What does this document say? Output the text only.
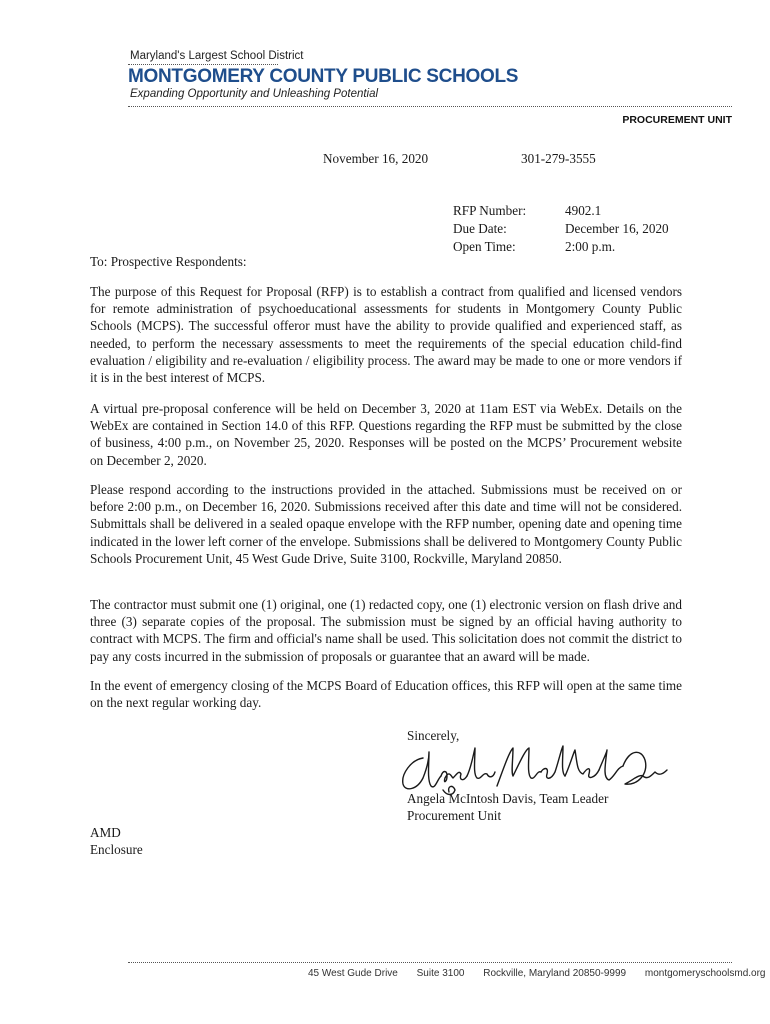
Maryland's Largest School District
MONTGOMERY COUNTY PUBLIC SCHOOLS
Expanding Opportunity and Unleashing Potential
PROCUREMENT UNIT
November 16, 2020	301-279-3555
RFP Number:	4902.1
Due Date:	December 16, 2020
Open Time:	2:00 p.m.
To: Prospective Respondents:
The purpose of this Request for Proposal (RFP) is to establish a contract from qualified and licensed vendors for remote administration of psychoeducational assessments for students in Montgomery County Public Schools (MCPS). The successful offeror must have the ability to provide qualified and experienced staff, as needed, to perform the necessary assessments to meet the requirements of the special education child-find evaluation / eligibility and re-evaluation / eligibility process. The award may be made to one or more vendors if it is in the best interest of MCPS.
A virtual pre-proposal conference will be held on December 3, 2020 at 11am EST via WebEx. Details on the WebEx are contained in Section 14.0 of this RFP. Questions regarding the RFP must be submitted by the close of business, 4:00 p.m., on November 25, 2020. Responses will be posted on the MCPS’ Procurement website on December 2, 2020.
Please respond according to the instructions provided in the attached. Submissions must be received on or before 2:00 p.m., on December 16, 2020. Submissions received after this date and time will not be considered. Submittals shall be delivered in a sealed opaque envelope with the RFP number, opening date and opening time indicated in the lower left corner of the envelope. Submissions shall be delivered to Montgomery County Public Schools Procurement Unit, 45 West Gude Drive, Suite 3100, Rockville, Maryland 20850.
The contractor must submit one (1) original, one (1) redacted copy, one (1) electronic version on flash drive and three (3) separate copies of the proposal. The submission must be signed by an official having authority to contract with MCPS. The firm and official's name shall be used. This solicitation does not commit the district to pay any costs incurred in the submission of proposals or guarantee that an award will be made.
In the event of emergency closing of the MCPS Board of Education offices, this RFP will open at the same time on the next regular working day.
Sincerely,
Angela McIntosh Davis, Team Leader
Procurement Unit
AMD
Enclosure
45 West Gude Drive Suite 3100 Rockville, Maryland 20850-9999 montgomeryschoolsmd.org
